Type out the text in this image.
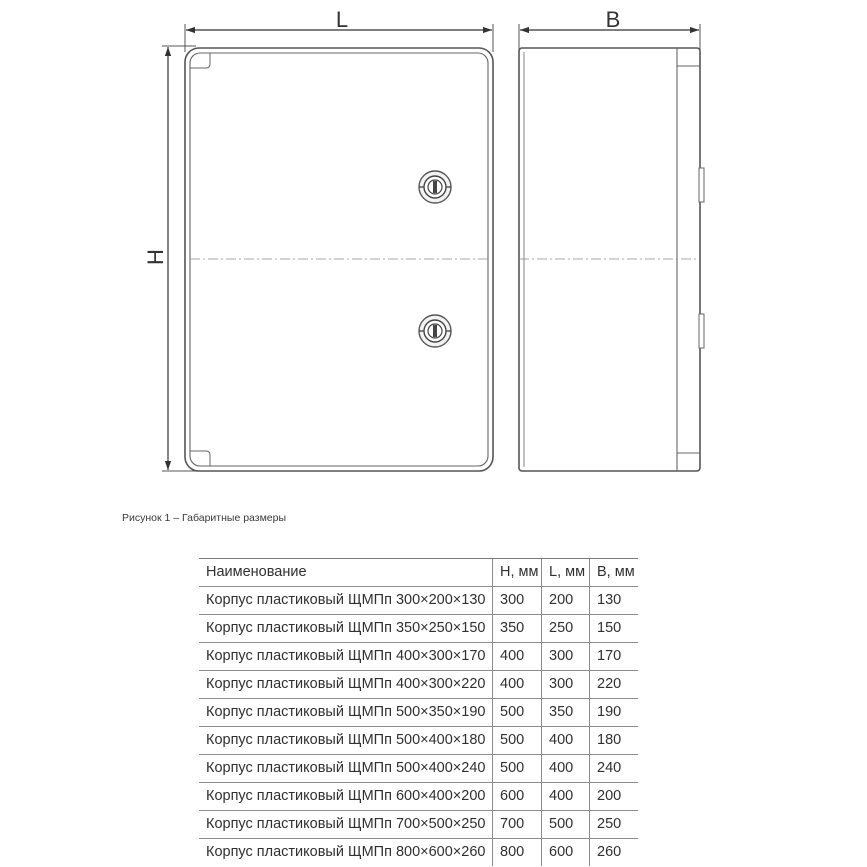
L
H
B
Рисунок 1 – Габаритные размеры
Наименование	H, мм	L, мм	B, мм
Корпус пластиковый ЩМПп 300×200×130	300	200	130
Корпус пластиковый ЩМПп 350×250×150	350	250	150
Корпус пластиковый ЩМПп 400×300×170	400	300	170
Корпус пластиковый ЩМПп 400×300×220	400	300	220
Корпус пластиковый ЩМПп 500×350×190	500	350	190
Корпус пластиковый ЩМПп 500×400×180	500	400	180
Корпус пластиковый ЩМПп 500×400×240	500	400	240
Корпус пластиковый ЩМПп 600×400×200	600	400	200
Корпус пластиковый ЩМПп 700×500×250	700	500	250
Корпус пластиковый ЩМПп 800×600×260	800	600	260
